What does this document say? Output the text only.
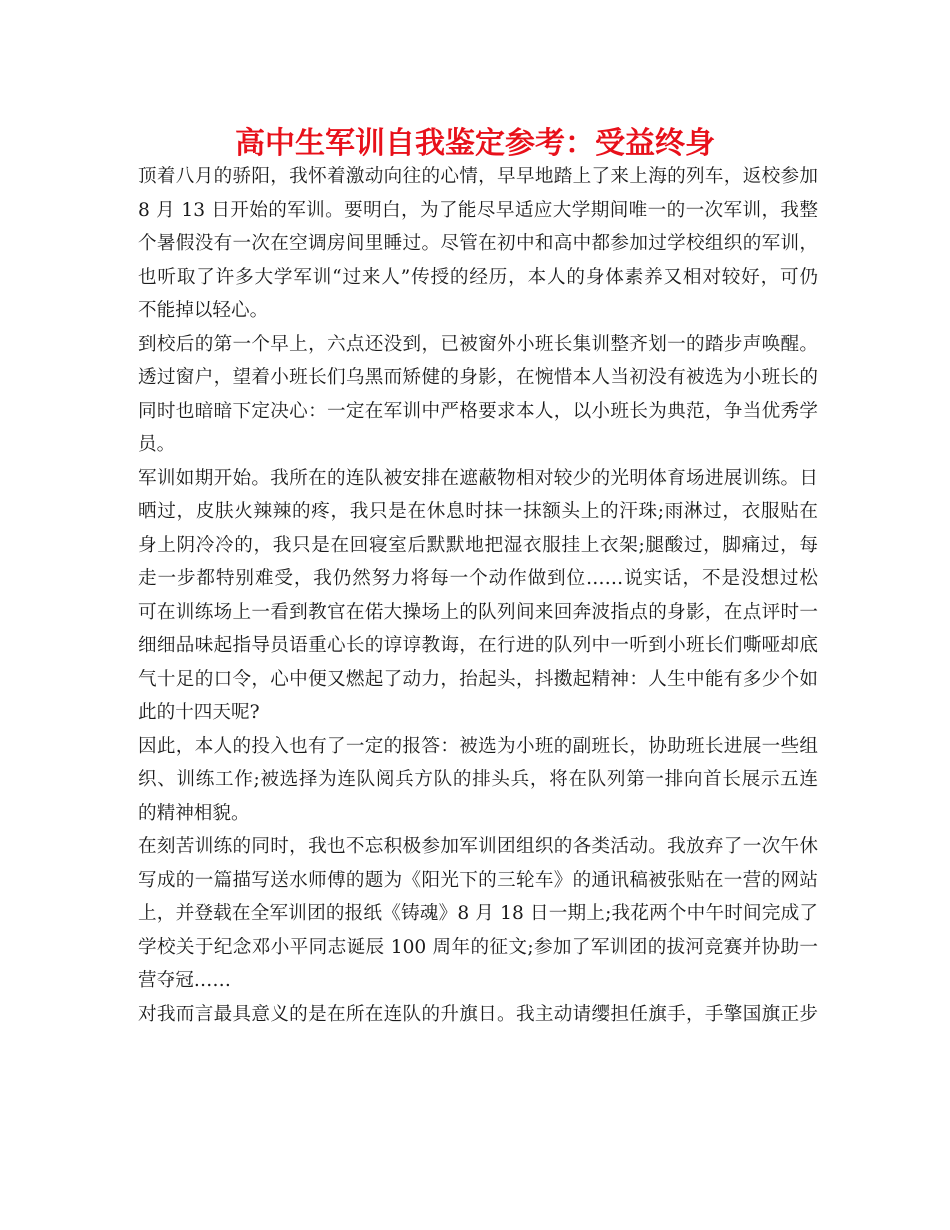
高中生军训自我鉴定参考：受益终身
顶着八月的骄阳，我怀着激动向往的心情，早早地踏上了来上海的列车，返校参加
8 月 13 日开始的军训。要明白，为了能尽早适应大学期间唯一的一次军训，我整
个暑假没有一次在空调房间里睡过。尽管在初中和高中都参加过学校组织的军训，
也听取了许多大学军训“过来人”传授的经历，本人的身体素养又相对较好，可仍
不能掉以轻心。
到校后的第一个早上，六点还没到，已被窗外小班长集训整齐划一的踏步声唤醒。
透过窗户，望着小班长们乌黑而矫健的身影，在惋惜本人当初没有被选为小班长的
同时也暗暗下定决心：一定在军训中严格要求本人，以小班长为典范，争当优秀学
员。
军训如期开始。我所在的连队被安排在遮蔽物相对较少的光明体育场进展训练。日
晒过，皮肤火辣辣的疼，我只是在休息时抹一抹额头上的汗珠;雨淋过，衣服贴在
身上阴冷冷的，我只是在回寝室后默默地把湿衣服挂上衣架;腿酸过，脚痛过，每
走一步都特别难受，我仍然努力将每一个动作做到位……说实话，不是没想过松
可在训练场上一看到教官在偌大操场上的队列间来回奔波指点的身影，在点评时一
细细品味起指导员语重心长的谆谆教诲，在行进的队列中一听到小班长们嘶哑却底
气十足的口令，心中便又燃起了动力，抬起头，抖擞起精神：人生中能有多少个如
此的十四天呢?
因此，本人的投入也有了一定的报答：被选为小班的副班长，协助班长进展一些组
织、训练工作;被选择为连队阅兵方队的排头兵，将在队列第一排向首长展示五连
的精神相貌。
在刻苦训练的同时，我也不忘积极参加军训团组织的各类活动。我放弃了一次午休
写成的一篇描写送水师傅的题为《阳光下的三轮车》的通讯稿被张贴在一营的网站
上，并登载在全军训团的报纸《铸魂》8 月 18 日一期上;我花两个中午时间完成了
学校关于纪念邓小平同志诞辰 100 周年的征文;参加了军训团的拔河竞赛并协助一
营夺冠……
对我而言最具意义的是在所在连队的升旗日。我主动请缨担任旗手，手擎国旗正步
